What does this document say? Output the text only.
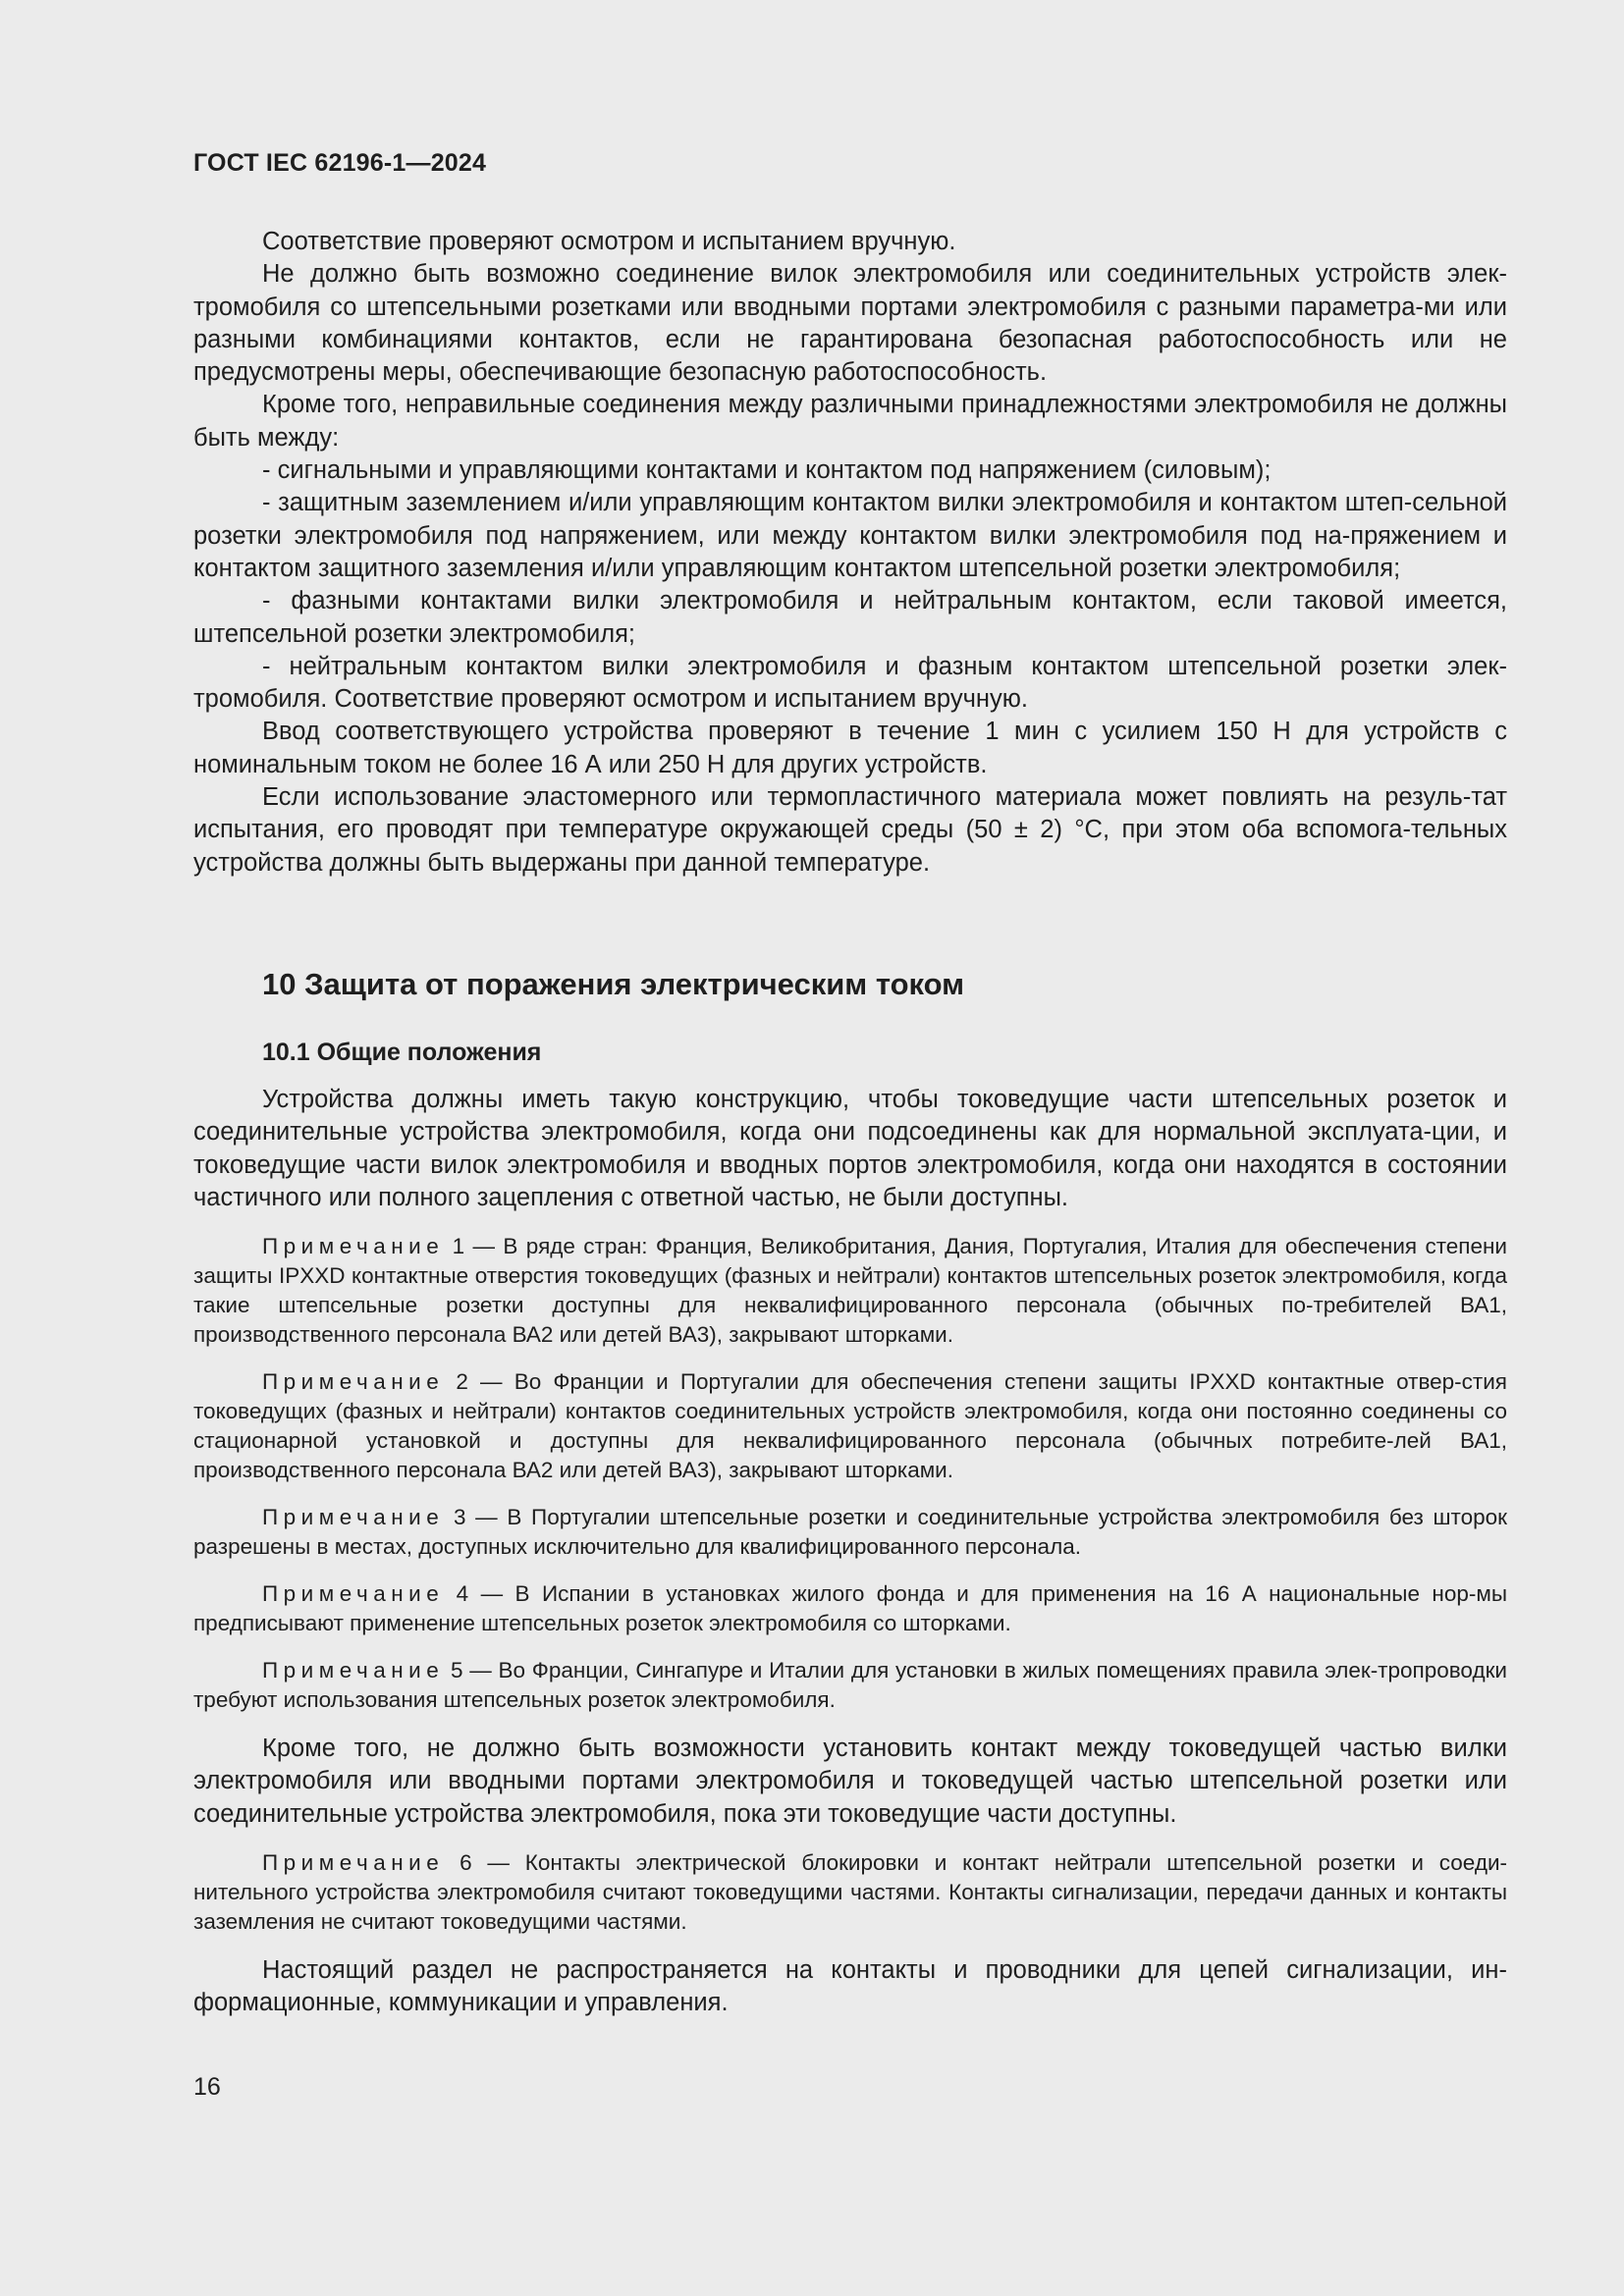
ГОСТ IEC 62196-1—2024

Соответствие проверяют осмотром и испытанием вручную.

Не должно быть возможно соединение вилок электромобиля или соединительных устройств элек-тромобиля со штепсельными розетками или вводными портами электромобиля с разными параметра-ми или разными комбинациями контактов, если не гарантирована безопасная работоспособность или не предусмотрены меры, обеспечивающие безопасную работоспособность.

Кроме того, неправильные соединения между различными принадлежностями электромобиля не должны быть между:

- сигнальными и управляющими контактами и контактом под напряжением (силовым);

- защитным заземлением и/или управляющим контактом вилки электромобиля и контактом штеп-сельной розетки электромобиля под напряжением, или между контактом вилки электромобиля под на-пряжением и контактом защитного заземления и/или управляющим контактом штепсельной розетки электромобиля;

- фазными контактами вилки электромобиля и нейтральным контактом, если таковой имеется, штепсельной розетки электромобиля;

- нейтральным контактом вилки электромобиля и фазным контактом штепсельной розетки элек-тромобиля. Соответствие проверяют осмотром и испытанием вручную.

Ввод соответствующего устройства проверяют в течение 1 мин с усилием 150 Н для устройств с номинальным током не более 16 А или 250 Н для других устройств.

Если использование эластомерного или термопластичного материала может повлиять на резуль-тат испытания, его проводят при температуре окружающей среды (50 ± 2) °С, при этом оба вспомога-тельных устройства должны быть выдержаны при данной температуре.

10 Защита от поражения электрическим током
10.1 Общие положения

Устройства должны иметь такую конструкцию, чтобы токоведущие части штепсельных розеток и соединительные устройства электромобиля, когда они подсоединены как для нормальной эксплуата-ции, и токоведущие части вилок электромобиля и вводных портов электромобиля, когда они находятся в состоянии частичного или полного зацепления с ответной частью, не были доступны.

Примечание 1 — В ряде стран: Франция, Великобритания, Дания, Португалия, Италия для обеспечения степени защиты IPXXD контактные отверстия токоведущих (фазных и нейтрали) контактов штепсельных розеток электромобиля, когда такие штепсельные розетки доступны для неквалифицированного персонала (обычных по-требителей ВА1, производственного персонала ВА2 или детей ВА3), закрывают шторками.

Примечание 2 — Во Франции и Португалии для обеспечения степени защиты IPXXD контактные отвер-стия токоведущих (фазных и нейтрали) контактов соединительных устройств электромобиля, когда они постоянно соединены со стационарной установкой и доступны для неквалифицированного персонала (обычных потребите-лей ВА1, производственного персонала ВА2 или детей ВА3), закрывают шторками.

Примечание 3 — В Португалии штепсельные розетки и соединительные устройства электромобиля без шторок разрешены в местах, доступных исключительно для квалифицированного персонала.

Примечание 4 — В Испании в установках жилого фонда и для применения на 16 А национальные нор-мы предписывают применение штепсельных розеток электромобиля со шторками.

Примечание 5 — Во Франции, Сингапуре и Италии для установки в жилых помещениях правила элек-тропроводки требуют использования штепсельных розеток электромобиля.

Кроме того, не должно быть возможности установить контакт между токоведущей частью вилки электромобиля или вводными портами электромобиля и токоведущей частью штепсельной розетки или соединительные устройства электромобиля, пока эти токоведущие части доступны.

Примечание 6 — Контакты электрической блокировки и контакт нейтрали штепсельной розетки и соеди-нительного устройства электромобиля считают токоведущими частями. Контакты сигнализации, передачи данных и контакты заземления не считают токоведущими частями.

Настоящий раздел не распространяется на контакты и проводники для цепей сигнализации, ин-формационные, коммуникации и управления.

16
